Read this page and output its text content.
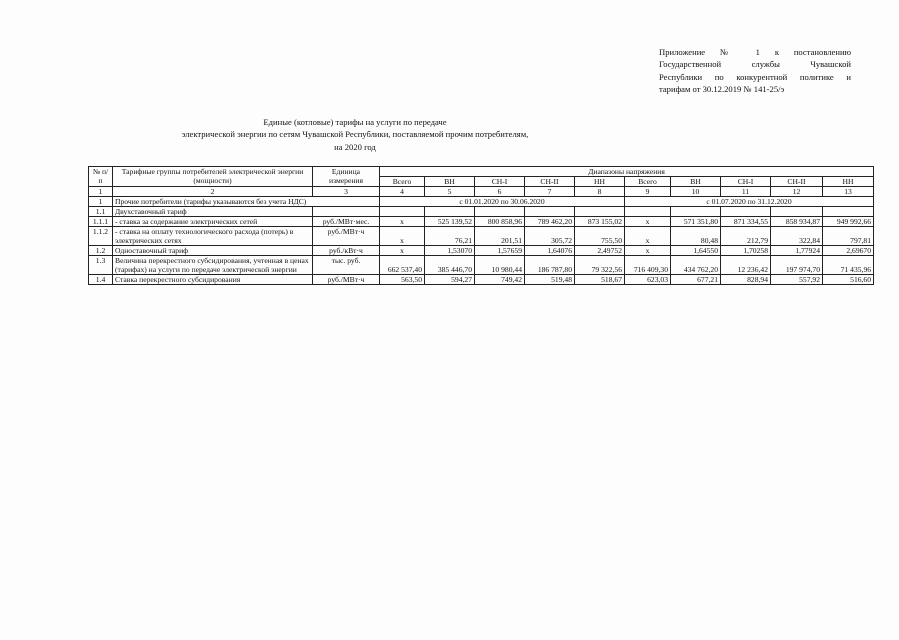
Приложение № 1 к постановлению
Государственной службы Чувашской
Республики по конкурентной политике и
тарифам от 30.12.2019 № 141-25/э
Единые (котловые) тарифы на услуги по передаче
электрической энергии по сетям Чувашской Республики, поставляемой прочим потребителям,
на 2020 год
№ п/п	Тарифные группы потребителей электрической энергии (мощности)	Единица измерения	Диапазоны напряжения									
			Всего	ВН	СН-I	СН-II	НН	Всего	ВН	СН-I	СН-II	НН
1	2	3	4	5	6	7	8	9	10	11	12	13
1	Прочие потребители (тарифы указываются без учета НДС)		с 01.01.2020 по 30.06.2020					с 01.07.2020 по 31.12.2020				
1.1	Двухставочный тариф											
1.1.1	- ставка за содержание электрических сетей	руб./МВт·мес.	x	525 139,52	800 858,96	789 462,20	873 155,02	x	571 351,80	871 334,55	858 934,87	949 992,66
1.1.2	- ставка на оплату технологического расхода (потерь) в электрических сетях	руб./МВт·ч	x	76,21	201,51	305,72	755,50	x	80,48	212,79	322,84	797,81
1.2	Одноставочный тариф	руб./кВт·ч	x	1,53070	1,57659	1,64076	2,49752	x	1,64550	1,70258	1,77924	2,69670
1.3	Величина перекрестного субсидирования, учтенная в ценах (тарифах) на услуги по передаче электрической энергии	тыс. руб.	662 537,40	385 446,70	10 980,44	186 787,80	79 322,56	716 409,30	434 762,20	12 236,42	197 974,70	71 435,96
1.4	Ставка перекрестного субсидирования	руб./МВт·ч	563,50	594,27	749,42	519,48	518,67	623,03	677,21	828,94	557,92	516,60
